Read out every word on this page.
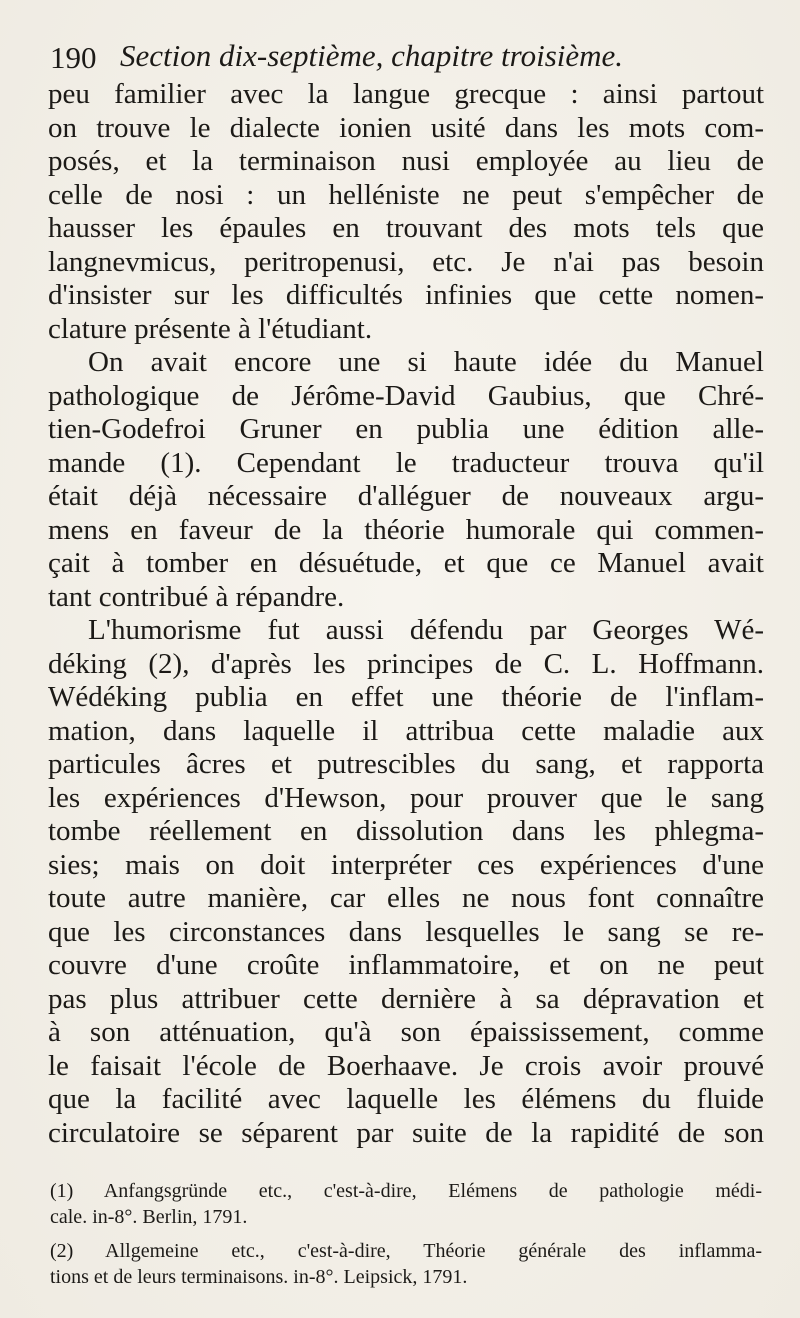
190 Section dix-septième, chapitre troisième.
peu familier avec la langue grecque : ainsi partout
on trouve le dialecte ionien usité dans les mots com-
posés, et la terminaison nusi employée au lieu de
celle de nosi : un helléniste ne peut s'empêcher de
hausser les épaules en trouvant des mots tels que
langnevmicus, peritropenusi, etc. Je n'ai pas besoin
d'insister sur les difficultés infinies que cette nomen-
clature présente à l'étudiant.
On avait encore une si haute idée du Manuel
pathologique de Jérôme-David Gaubius, que Chré-
tien-Godefroi Gruner en publia une édition alle-
mande (1). Cependant le traducteur trouva qu'il
était déjà nécessaire d'alléguer de nouveaux argu-
mens en faveur de la théorie humorale qui commen-
çait à tomber en désuétude, et que ce Manuel avait
tant contribué à répandre.
L'humorisme fut aussi défendu par Georges Wé-
déking (2), d'après les principes de C. L. Hoffmann.
Wédéking publia en effet une théorie de l'inflam-
mation, dans laquelle il attribua cette maladie aux
particules âcres et putrescibles du sang, et rapporta
les expériences d'Hewson, pour prouver que le sang
tombe réellement en dissolution dans les phlegma-
sies; mais on doit interpréter ces expériences d'une
toute autre manière, car elles ne nous font connaître
que les circonstances dans lesquelles le sang se re-
couvre d'une croûte inflammatoire, et on ne peut
pas plus attribuer cette dernière à sa dépravation et
à son atténuation, qu'à son épaississement, comme
le faisait l'école de Boerhaave. Je crois avoir prouvé
que la facilité avec laquelle les élémens du fluide
circulatoire se séparent par suite de la rapidité de son
(1) Anfangsgründe etc., c'est-à-dire, Elémens de pathologie médi-
cale. in-8°. Berlin, 1791.
(2) Allgemeine etc., c'est-à-dire, Théorie générale des inflamma-
tions et de leurs terminaisons. in-8°. Leipsick, 1791.
